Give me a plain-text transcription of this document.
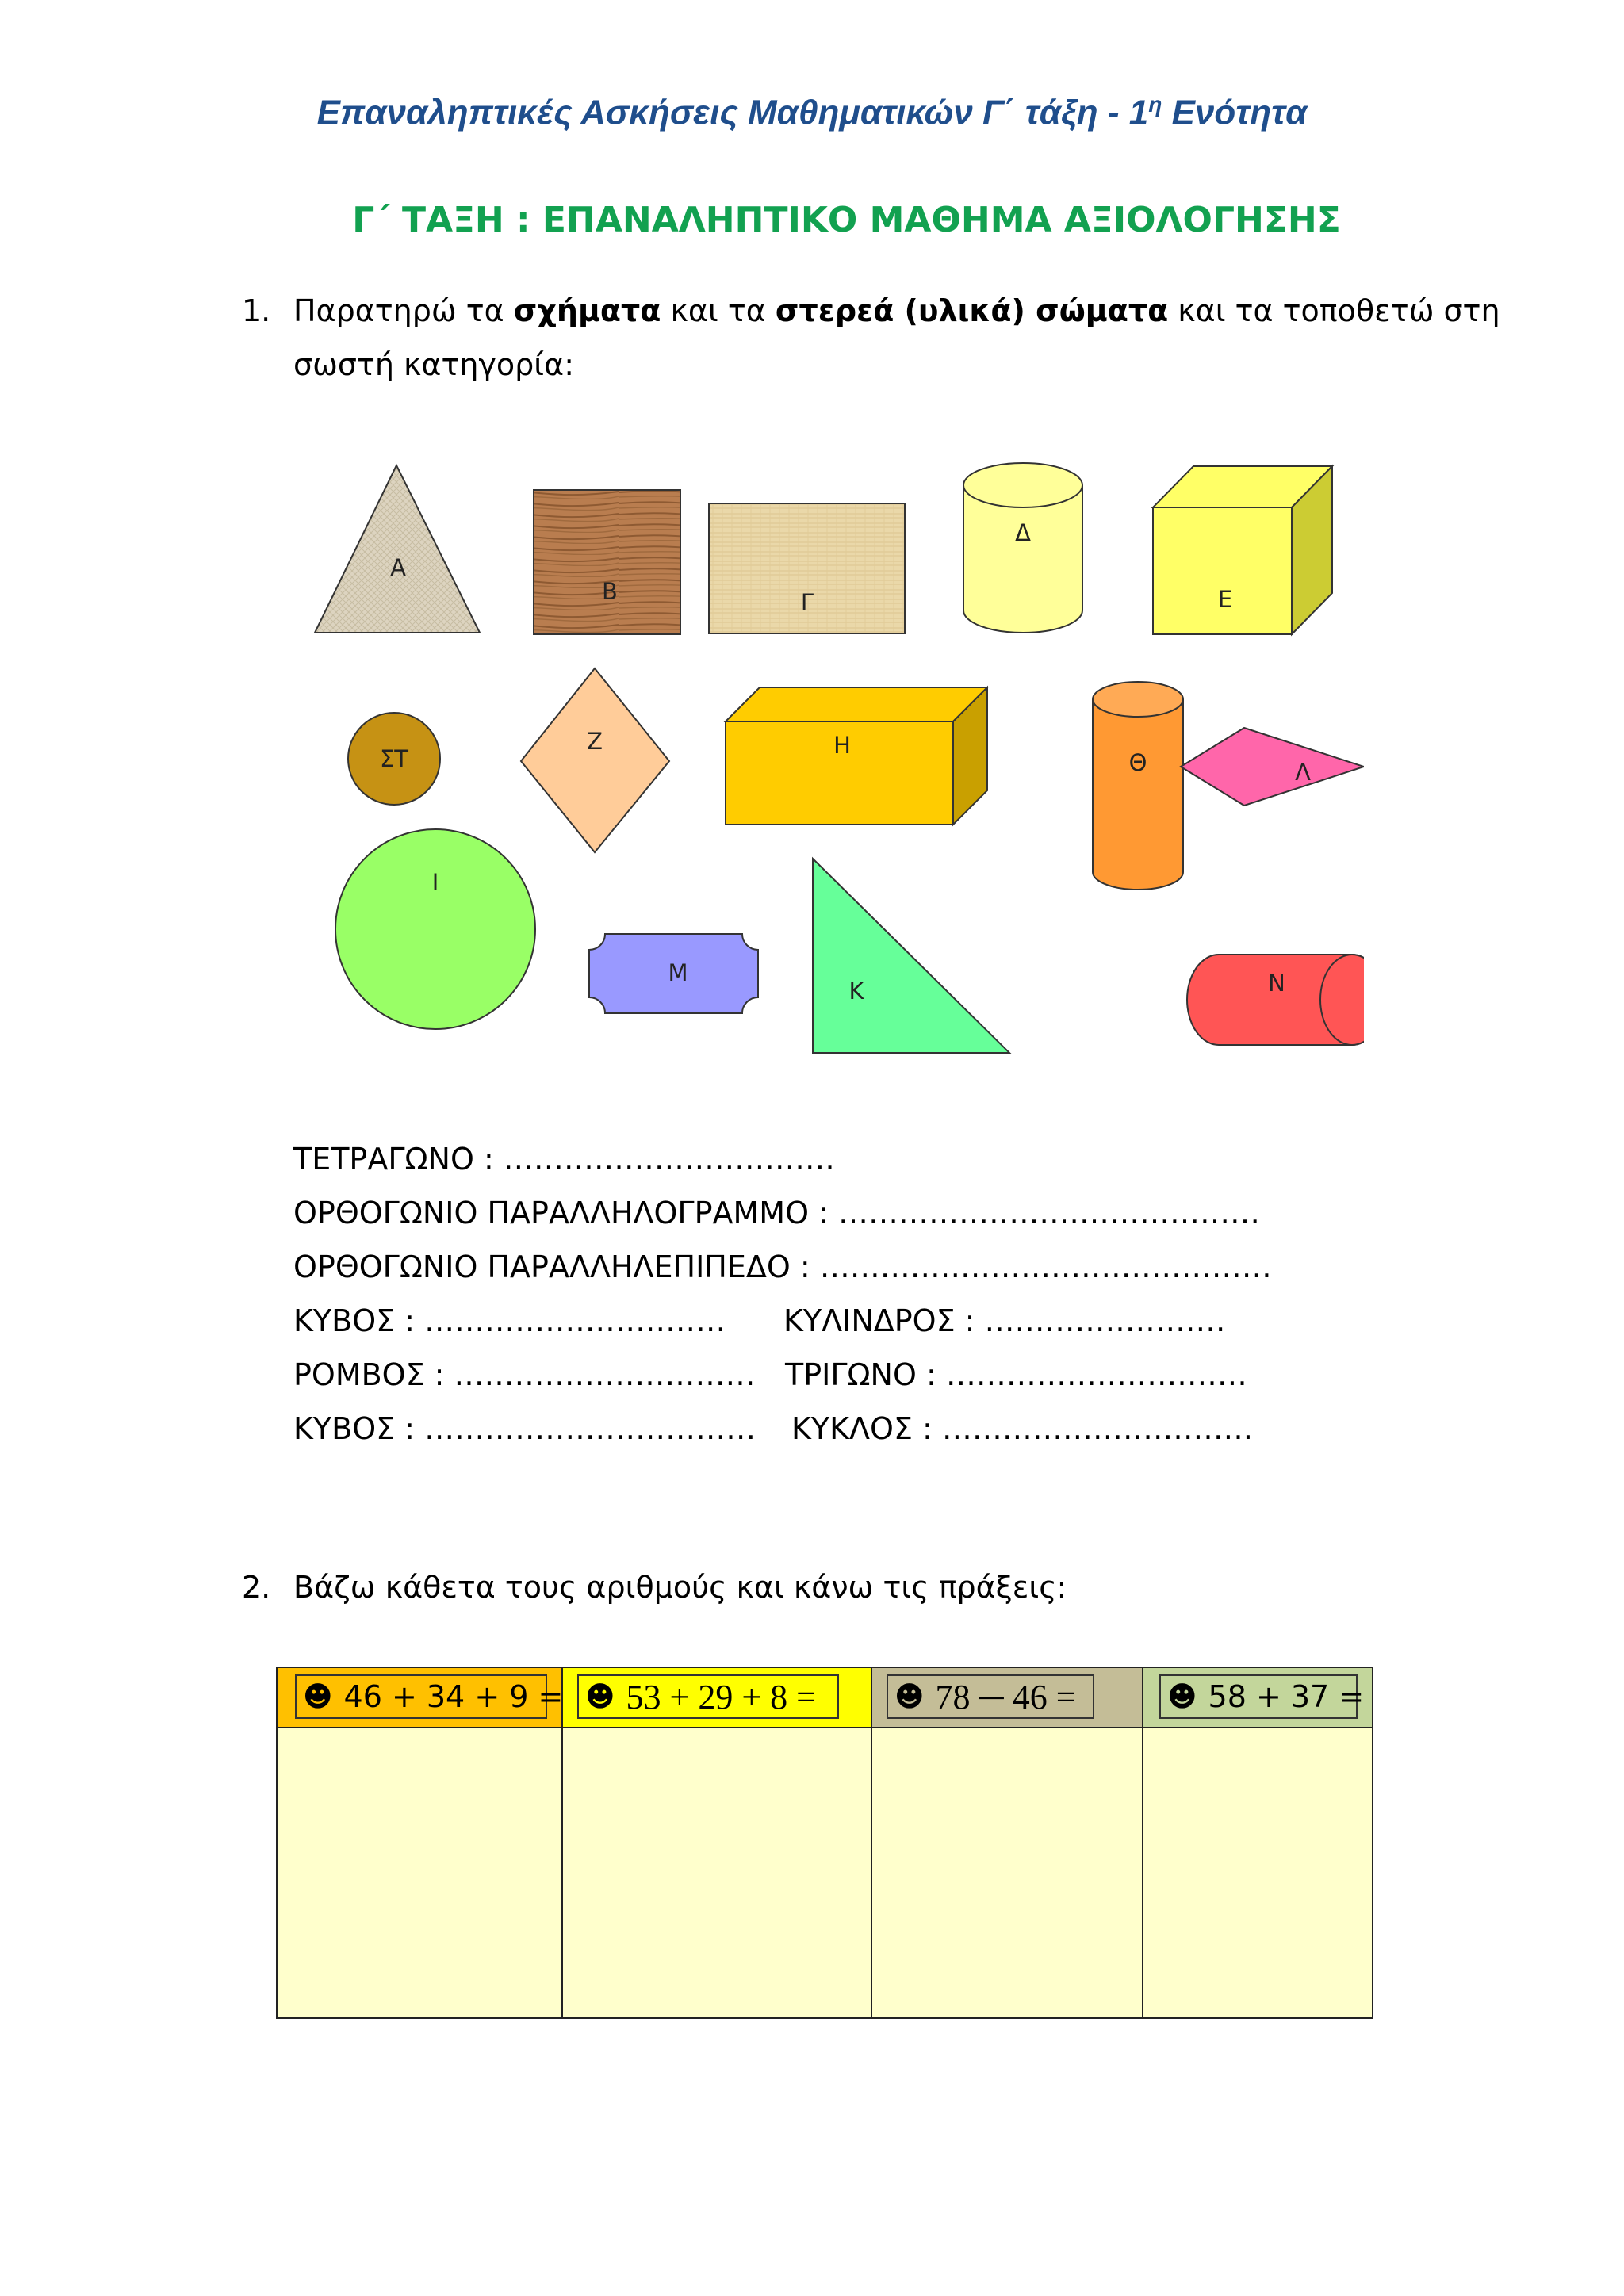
Επαναληπτικές Ασκήσεις Μαθηματικών Γ΄ τάξη - $1^\eta$ Ενότητα
Γ΄ ΤΑΞΗ : ΕΠΑΝΑΛΗΠΤΙΚΟ ΜΑΘΗΜΑ ΑΞΙΟΛΟΓΗΣΗΣ
1. Παρατηρώ τα σχήματα και τα στερεά (υλικά) σώματα και τα τοποθετώ στη
σωστή κατηγορία:
Α
Β	Γ
Δ
Ε
ΣΤ
Ζ	Η
Θ	Λ
Ι
Μ
Κ	Ν
ΤΕΤΡΑΓΩΝΟ : ……………………………
ΟΡΘΟΓΩΝΙΟ ΠΑΡΑΛΛΗΛΟΓΡΑΜΜΟ : ……………………………………
ΟΡΘΟΓΩΝΙΟ ΠΑΡΑΛΛΗΛΕΠΙΠΕΔΟ : ………………………………………
ΚΥΒΟΣ : ………………………… ΚΥΛΙΝΔΡΟΣ : ……………………
ΡΟΜΒΟΣ : ………………………… ΤΡΙΓΩΝΟ : …………………………
ΚΥΒΟΣ : …………………………… ΚΥΚΛΟΣ : ………………………….
2. Βάζω κάθετα τους αριθμούς και κάνω τις πράξεις:
☻ 46 + 34 + 9 = ☻ 53 + 29 + 8 =	☻ 78 ─ 46 =	☻ 58 + 37 =
